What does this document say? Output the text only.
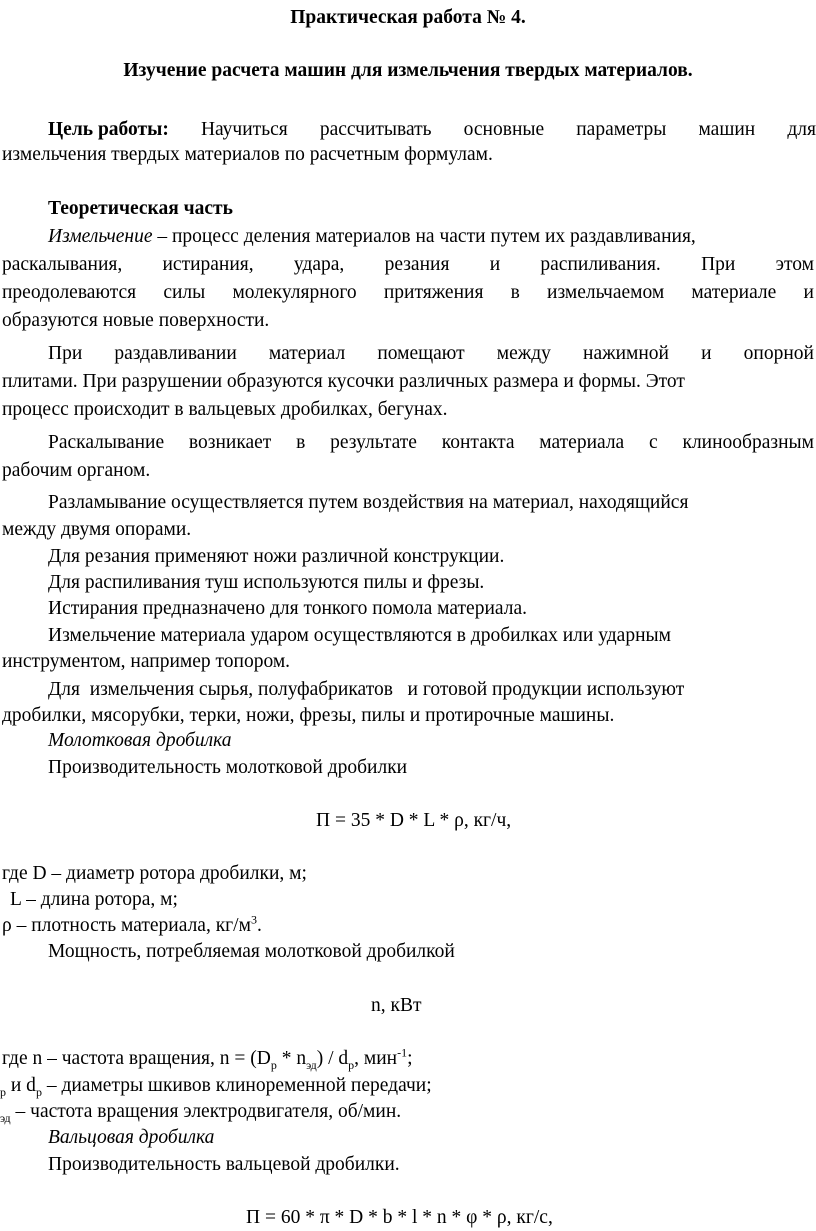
Практическая работа № 4.
Изучение расчета машин для измельчения твердых материалов.
Цель работы: Научиться рассчитывать основные параметры машин для
измельчения твердых материалов по расчетным формулам.
Теоретическая часть
Измельчение – процесс деления материалов на части путем их раздавливания,
раскалывания, истирания, удара, резания и распиливания. При этом
преодолеваются силы молекулярного притяжения в измельчаемом материале и
образуются новые поверхности.
При раздавливании материал помещают между нажимной и опорной
плитами. При разрушении образуются кусочки различных размера и формы. Этот
процесс происходит в вальцевых дробилках, бегунах.
Раскалывание возникает в результате контакта материала с клинообразным
рабочим органом.
Разламывание осуществляется путем воздействия на материал, находящийся
между двумя опорами.
Для резания применяют ножи различной конструкции.
Для распиливания туш используются пилы и фрезы.
Истирания предназначено для тонкого помола материала.
Измельчение материала ударом осуществляются в дробилках или ударным
инструментом, например топором.
Для  измельчения сырья, полуфабрикатов   и готовой продукции используют
дробилки, мясорубки, терки, ножи, фрезы, пилы и протирочные машины.
Молотковая дробилка
Производительность молотковой дробилки
П = 35 * D * L * ρ, кг/ч,
где D – диаметр ротора дробилки, м;
L – длина ротора, м;
ρ – плотность материала, $кг/м^3$.
Мощность, потребляемая молотковой дробилкой
n, кВт
где n – частота вращения, $n = (D_р * n_{эд}) / d_р$, мин$^{-1}$;
$_р$ и $d_р$ – диаметры шкивов клиноременной передачи;
$_{эд}$ – частота вращения электродвигателя, об/мин.
Вальцовая дробилка
Производительность вальцевой дробилки.
П = 60 * π * D * b * l * n * φ * ρ, кг/с,
